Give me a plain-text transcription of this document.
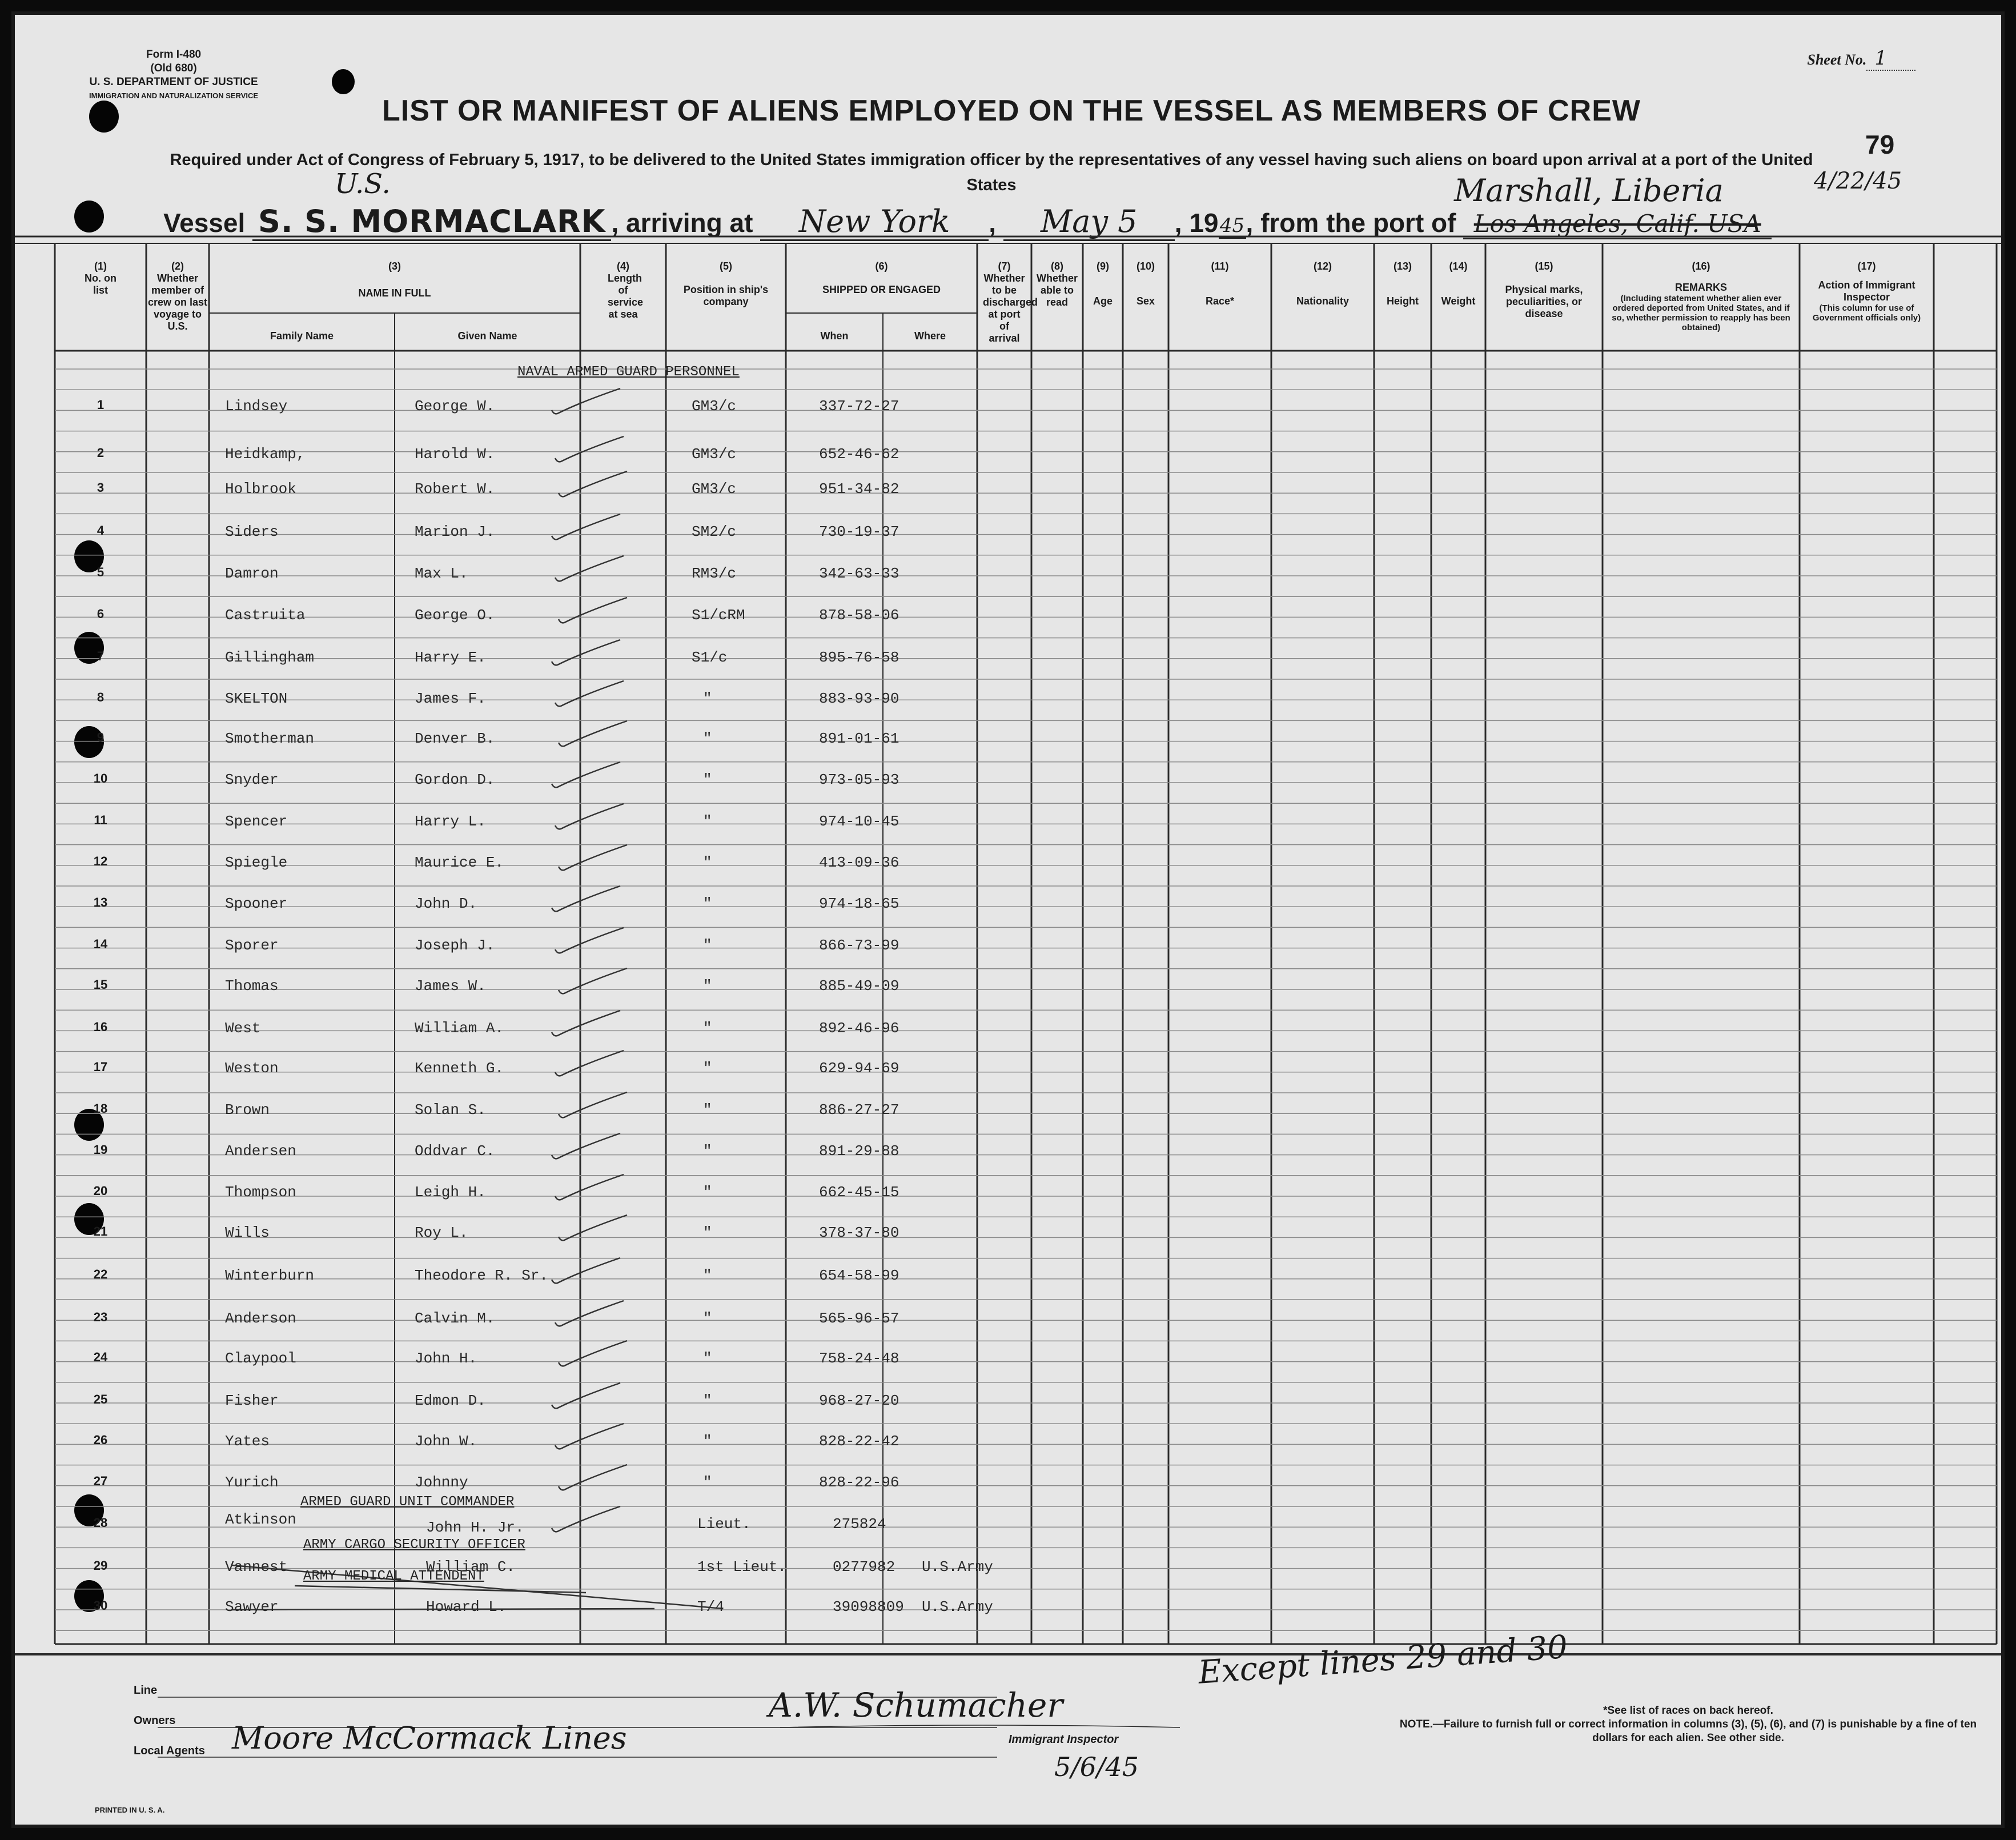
Form I-480
(Old 680)
U. S. DEPARTMENT OF JUSTICE
IMMIGRATION AND NATURALIZATION SERVICE
Sheet No. 1
LIST OR MANIFEST OF ALIENS EMPLOYED ON THE VESSEL AS MEMBERS OF CREW
Required under Act of Congress of February 5, 1917, to be delivered to the United States immigration officer by the representatives of any vessel having such aliens on board upon arrival at a port of the United States
79
4/22/45
U.S.	Marshall, Liberia
Vessel S. S. MORMACLARK , arriving at New York , May 5 , 1945, from the port of Los Angeles, Calif. USA
(1)
No. on list
(2)
Whether member of crew on last voyage to U.S.
(3)
NAME IN FULL
Family Name	Given Name
(4)
Length of service at sea
(5)
Position in ship's company
(6)
SHIPPED OR ENGAGED
When	Where
(7)
Whether to be discharged at port of arrival
(8)
Whether able to read
(9)
Age
(10)
Sex
(11)
Race*
(12)
Nationality
(13)
Height
(14)
Weight
(15)
Physical marks, peculiarities, or disease
(16)
REMARKS
(Including statement whether alien ever ordered deported from United States, and if so, whether permission to reapply has been obtained)
(17)
Action of Immigrant Inspector
(This column for use of Government officials only)
NAVAL ARMED GUARD PERSONNEL
ARMED GUARD UNIT COMMANDER
ARMY CARGO SECURITY OFFICER
ARMY MEDICAL ATTENDENT
1	Lindsey	George W.	GM3/c	337-72-27
2	Heidkamp,	Harold W.	GM3/c	652-46-62
3	Holbrook	Robert W.	GM3/c	951-34-82
4	Siders	Marion J.	SM2/c	730-19-37
5	Damron	Max L.	RM3/c	342-63-33
6	Castruita	George O.	S1/cRM	878-58-06
7	Gillingham	Harry E.	S1/c	895-76-58
8	SKELTON	James F.	"	883-93-90
9	Smotherman	Denver B.	"	891-01-61
10	Snyder	Gordon D.	"	973-05-93
11	Spencer	Harry L.	"	974-10-45
12	Spiegle	Maurice E.	"	413-09-36
13	Spooner	John D.	"	974-18-65
14	Sporer	Joseph J.	"	866-73-99
15	Thomas	James W.	"	885-49-09
16	West	William A.	"	892-46-96
17	Weston	Kenneth G.	"	629-94-69
18	Brown	Solan S.	"	886-27-27
19	Andersen	Oddvar C.	"	891-29-88
20	Thompson	Leigh H.	"	662-45-15
21	Wills	Roy L.	"	378-37-80
22	Winterburn	Theodore R. Sr.	"	654-58-99
23	Anderson	Calvin M.	"	565-96-57
24	Claypool	John H.	"	758-24-48
25	Fisher	Edmon D.	"	968-27-20
26	Yates	John W.	"	828-22-42
27	Yurich	Johnny	"	828-22-96
28	Atkinson	John H. Jr.	Lieut.	275824
29	Vannest	William C.	1st Lieut.	0277982 U.S.Army
30	Sawyer	Howard L.	T/4	39098809 U.S.Army
Line
Owners
Local Agents Moore McCormack Lines
A.W. Schumacher
Immigrant Inspector
5/6/45
Except lines 29 and 30

*See list of races on back hereof.

NOTE.—Failure to furnish full or correct information in columns (3), (5), (6), and (7) is punishable by a fine of ten dollars for each alien. See other side.

PRINTED IN U. S. A.
